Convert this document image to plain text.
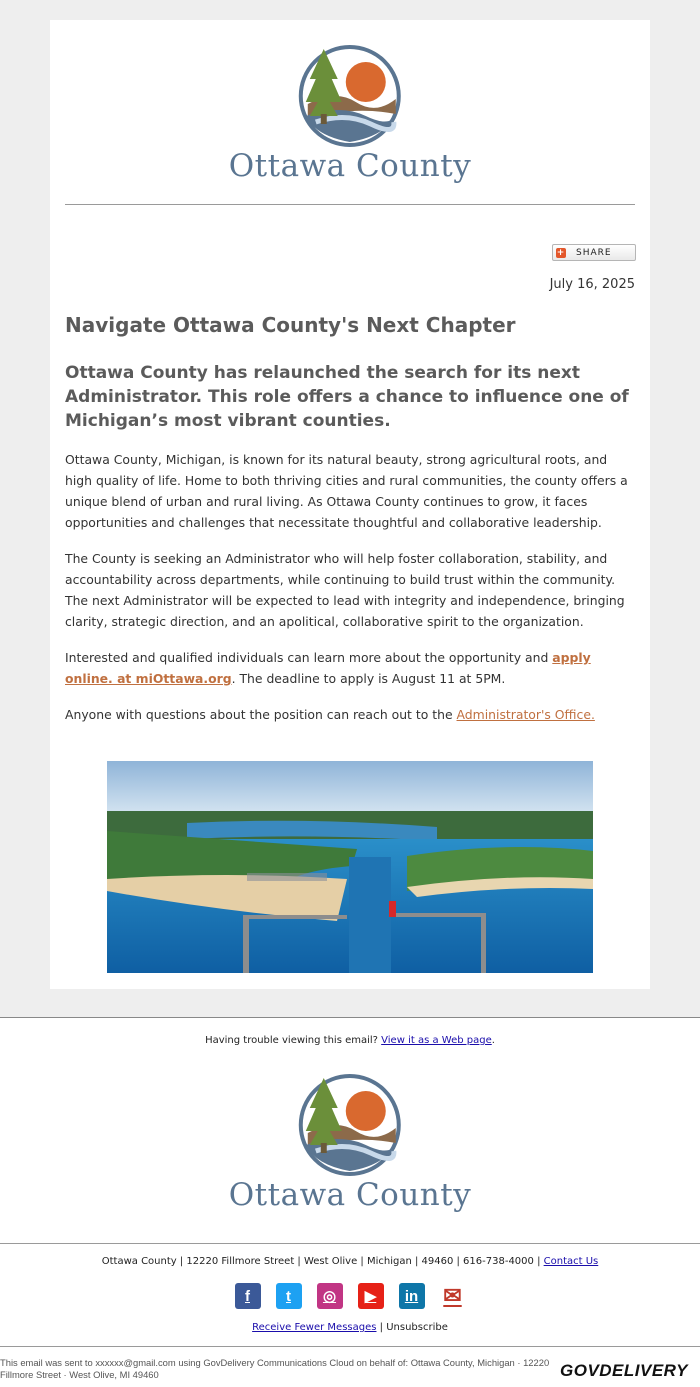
Ottawa County
+ SHARE
July 16, 2025
Navigate Ottawa County's Next Chapter
Ottawa County has relaunched the search for its next Administrator. This role offers a chance to influence one of Michigan’s most vibrant counties.

Ottawa County, Michigan, is known for its natural beauty, strong agricultural roots, and high quality of life. Home to both thriving cities and rural communities, the county offers a unique blend of urban and rural living. As Ottawa County continues to grow, it faces opportunities and challenges that necessitate thoughtful and collaborative leadership.

The County is seeking an Administrator who will help foster collaboration, stability, and accountability across departments, while continuing to build trust within the community. The next Administrator will be expected to lead with integrity and independence, bringing clarity, strategic direction, and an apolitical, collaborative spirit to the organization.

Interested and qualified individuals can learn more about the opportunity and apply online. at miOttawa.org. The deadline to apply is August 11 at 5PM.

Anyone with questions about the position can reach out to the Administrator's Office.

Having trouble viewing this email? View it as a Web page.
Ottawa County
Ottawa County | 12220 Fillmore Street | West Olive | Michigan | 49460 | 616-738-4000 | Contact Us
f	t	◎	▶	in ✉
Receive Fewer Messages | Unsubscribe
This email was sent to xxxxxx@gmail.com using GovDelivery Communications Cloud on behalf of: Ottawa County, Michigan · 12220 Fillmore Street · West Olive, MI 49460	GOVDELIVERY
